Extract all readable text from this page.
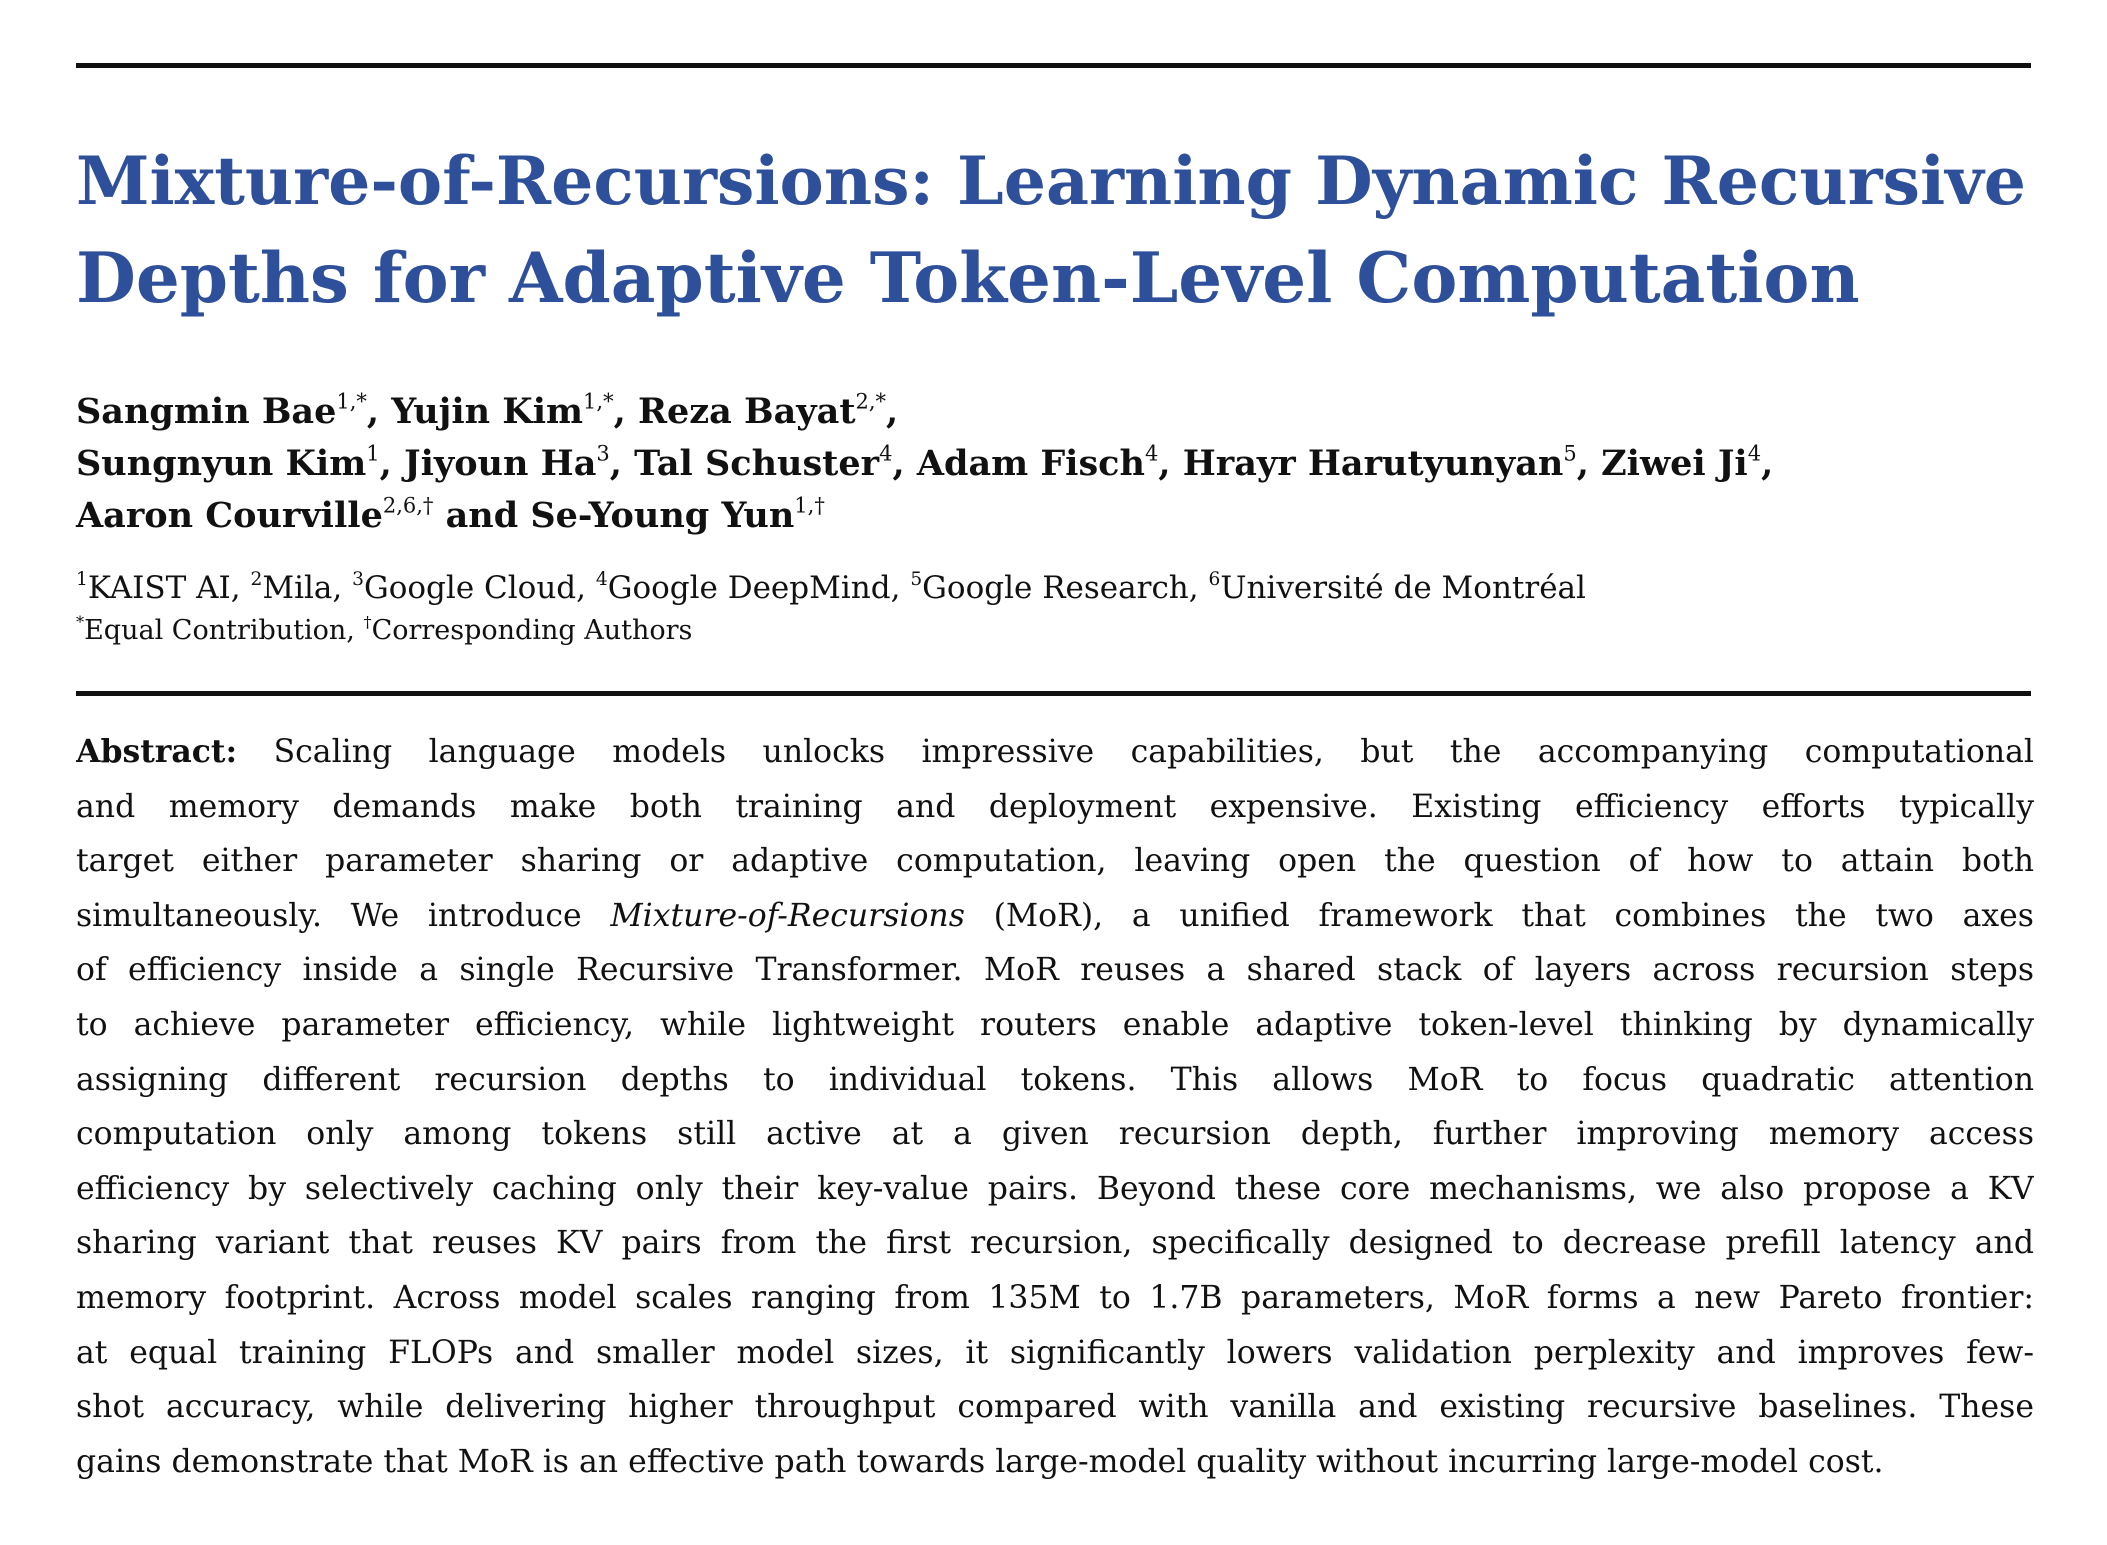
Mixture-of-Recursions: Learning Dynamic Recursive
Depths for Adaptive Token-Level Computation
Sangmin Bae$^{1,*}$, Yujin Kim$^{1,*}$, Reza Bayat$^{2,*}$,
Sungnyun Kim$^1$, Jiyoun Ha$^3$, Tal Schuster$^4$, Adam Fisch$^4$, Hrayr Harutyunyan$^5$, Ziwei Ji$^4$,
Aaron Courville$^{2,6,\dagger}$ and Se-Young Yun$^{1,\dagger}$
$^1$KAIST AI, $^2$Mila, $^3$Google Cloud, $^4$Google DeepMind, $^5$Google Research, $^6$Université de Montréal
*Equal Contribution, †Corresponding Authors
Abstract: Scaling language models unlocks impressive capabilities, but the accompanying computational
and memory demands make both training and deployment expensive. Existing efficiency efforts typically
target either parameter sharing or adaptive computation, leaving open the question of how to attain both
simultaneously. We introduce Mixture-of-Recursions (MoR), a unified framework that combines the two axes
of efficiency inside a single Recursive Transformer. MoR reuses a shared stack of layers across recursion steps
to achieve parameter efficiency, while lightweight routers enable adaptive token-level thinking by dynamically
assigning different recursion depths to individual tokens. This allows MoR to focus quadratic attention
computation only among tokens still active at a given recursion depth, further improving memory access
efficiency by selectively caching only their key-value pairs. Beyond these core mechanisms, we also propose a KV
sharing variant that reuses KV pairs from the first recursion, specifically designed to decrease prefill latency and
memory footprint. Across model scales ranging from 135M to 1.7B parameters, MoR forms a new Pareto frontier:
at equal training FLOPs and smaller model sizes, it significantly lowers validation perplexity and improves few-
shot accuracy, while delivering higher throughput compared with vanilla and existing recursive baselines. These
gains demonstrate that MoR is an effective path towards large-model quality without incurring large-model cost.
